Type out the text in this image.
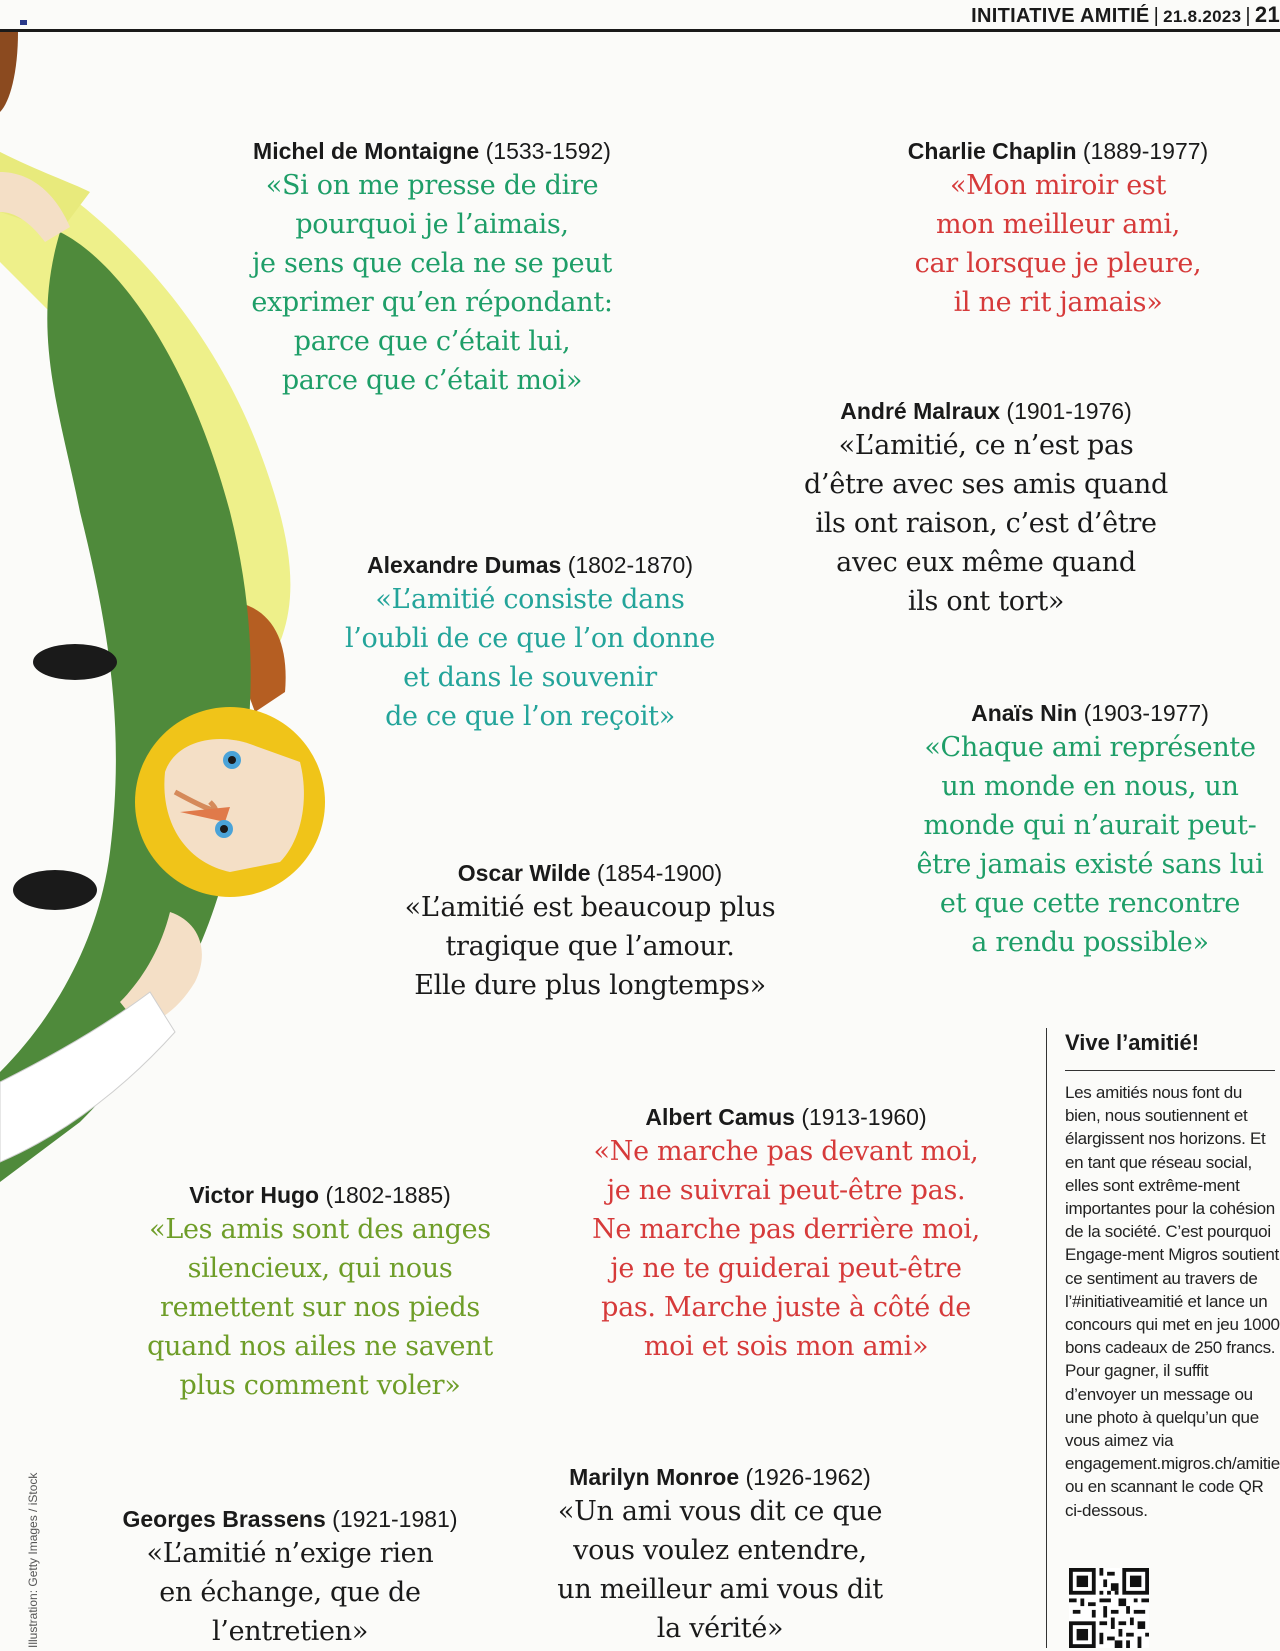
INITIATIVE AMITIÉ | 21.8.2023 | 21
Michel de Montaigne (1533-1592)
«Si on me presse de dire
pourquoi je l’aimais,
je sens que cela ne se peut
exprimer qu’en répondant:
parce que c’était lui,
parce que c’était moi»
Charlie Chaplin (1889-1977)
«Mon miroir est
mon meilleur ami,
car lorsque je pleure,
il ne rit jamais»
André Malraux (1901-1976)
«L’amitié, ce n’est pas
d’être avec ses amis quand
ils ont raison, c’est d’être
avec eux même quand
ils ont tort»
Alexandre Dumas (1802-1870)
«L’amitié consiste dans
l’oubli de ce que l’on donne
et dans le souvenir
de ce que l’on reçoit»	Anaïs Nin (1903-1977)
«Chaque ami représente
un monde en nous, un
monde qui n’aurait peut-
être jamais existé sans lui
et que cette rencontre
a rendu possible»
Oscar Wilde (1854-1900)
«L’amitié est beaucoup plus
tragique que l’amour.
Elle dure plus longtemps»
Albert Camus (1913-1960)
«Ne marche pas devant moi,
je ne suivrai peut-être pas.
Ne marche pas derrière moi,
je ne te guiderai peut-être
pas. Marche juste à côté de
moi et sois mon ami»
Victor Hugo (1802-1885)
«Les amis sont des anges
silencieux, qui nous
remettent sur nos pieds
quand nos ailes ne savent
plus comment voler»
Marilyn Monroe (1926-1962)
«Un ami vous dit ce que
vous voulez entendre,
un meilleur ami vous dit
la vérité»
Georges Brassens (1921-1981)
«L’amitié n’exige rien
en échange, que de
l’entretien»
Illustration: Getty Images / iStock
Vive l’amitié!

Les amitiés nous font du bien, nous soutiennent et élargissent nos horizons. Et en tant que réseau social, elles sont extrême-ment importantes pour la cohésion de la société. C’est pourquoi Engage-ment Migros soutient ce sentiment au travers de l’#initiativeamitié et lance un concours qui met en jeu 1000 bons cadeaux de 250 francs. Pour gagner, il suffit d’envoyer un message ou une photo à quelqu’un que vous aimez via engagement.migros.ch/amitie ou en scannant le code QR ci-dessous.
